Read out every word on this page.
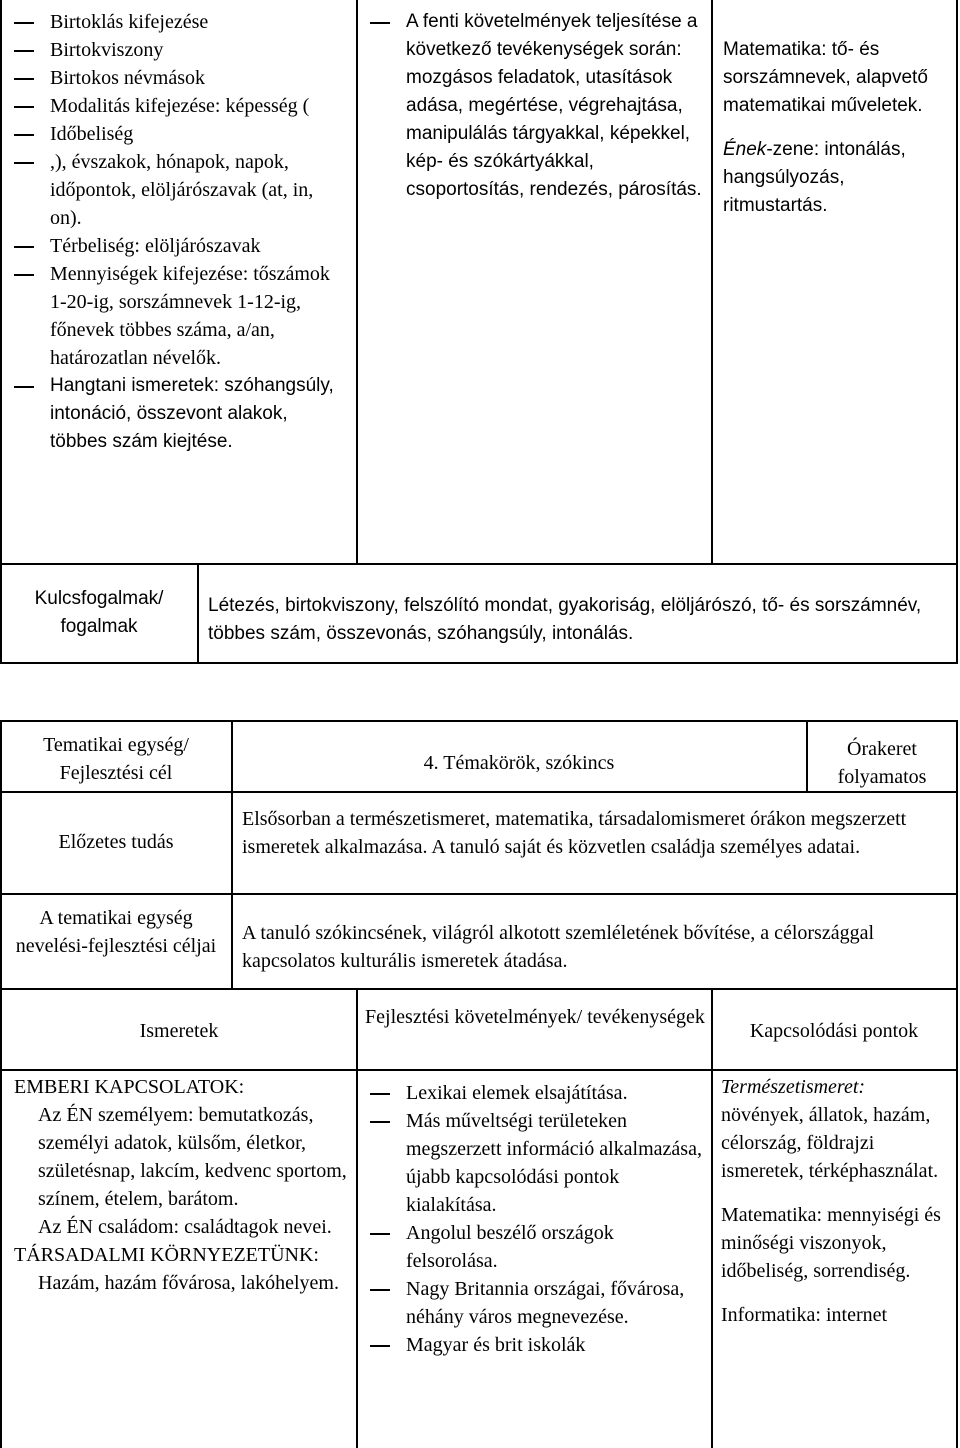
Birtoklás kifejezése
Birtokviszony
Birtokos névmások
Modalitás kifejezése: képesség (
Időbeliség
,), évszakok, hónapok, napok, időpontok, elöljárószavak (at, in, on).
Térbeliség: elöljárószavak
Mennyiségek kifejezése: tőszámok 1-20-ig, sorszámnevek 1-12-ig, főnevek többes száma, a/an, határozatlan névelők.
Hangtani ismeretek: szóhangsúly, intonáció, összevont alakok, többes szám kiejtése.
A fenti követelmények teljesítése a következő tevékenységek során: mozgásos feladatok, utasítások adása, megértése, végrehajtása, manipulálás tárgyakkal, képekkel, kép- és szókártyákkal, csoportosítás, rendezés, párosítás.

Matematika: tő- és sorszámnevek, alapvető matematikai műveletek.

Ének-zene: intonálás, hangsúlyozás, ritmustartás.

Kulcsfogalmak/ fogalmak
Létezés, birtokviszony, felszólító mondat, gyakoriság, elöljárószó, tő- és sorszámnév, többes szám, összevonás, szóhangsúly, intonálás.
Tematikai egység/ Fejlesztési cél	4. Témakörök, szókincs
Órakeret folyamatos
Előzetes tudás
Elsősorban a természetismeret, matematika, társadalomismeret órákon megszerzett ismeretek alkalmazása. A tanuló saját és közvetlen családja személyes adatai.
A tematikai egység nevelési-fejlesztési céljai
A tanuló szókincsének, világról alkotott szemléletének bővítése, a célországgal kapcsolatos kulturális ismeretek átadása.
Ismeretek
Fejlesztési követelmények/ tevékenységek
Kapcsolódási pontok

EMBERI KAPCSOLATOK:

Az ÉN személyem: bemutatkozás, személyi adatok, külsőm, életkor, születésnap, lakcím, kedvenc sportom, színem, ételem, barátom.

Az ÉN családom: családtagok nevei.

TÁRSADALMI KÖRNYEZETÜNK:

Hazám, hazám fővárosa, lakóhelyem.

Lexikai elemek elsajátítása.
Más műveltségi területeken megszerzett információ alkalmazása, újabb kapcsolódási pontok kialakítása.
Angolul beszélő országok felsorolása.
Nagy Britannia országai, fővárosa, néhány város megnevezése.
Magyar és brit iskolák

Természetismeret:

növények, állatok, hazám, célország, földrajzi ismeretek, térképhasználat.

Matematika: mennyiségi és minőségi viszonyok, időbeliség, sorrendiség.

Informatika: internet
